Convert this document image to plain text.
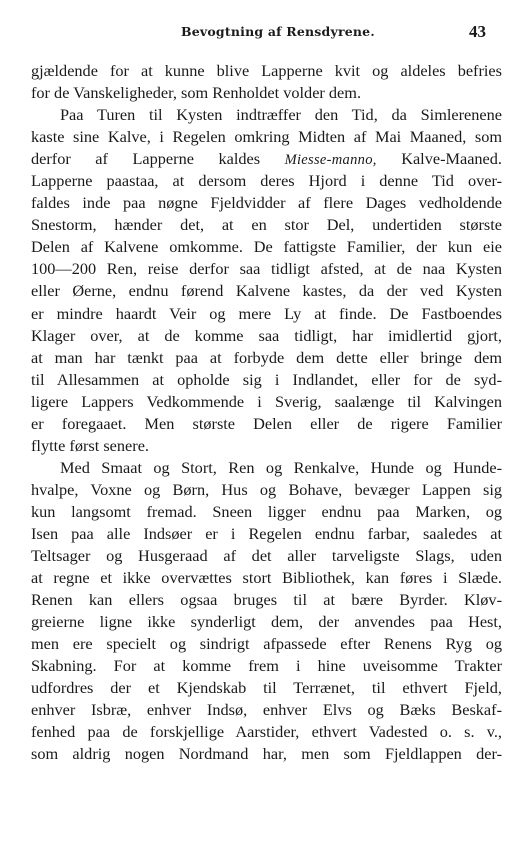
Bevogtning af Rensdyrene.	43
gjældende for at kunne blive Lapperne kvit og aldeles befries
for de Vanskeligheder, som Renholdet volder dem.
Paa Turen til Kysten indtræffer den Tid, da Simlerenene
kaste sine Kalve, i Regelen omkring Midten af Mai Maaned, som
derfor af Lapperne kaldes Miesse-manno, Kalve-Maaned.
Lapperne paastaa, at dersom deres Hjord i denne Tid over-
faldes inde paa nøgne Fjeldvidder af flere Dages vedholdende
Snestorm, hænder det, at en stor Del, undertiden største
Delen af Kalvene omkomme. De fattigste Familier, der kun eie
100—200 Ren, reise derfor saa tidligt afsted, at de naa Kysten
eller Øerne, endnu førend Kalvene kastes, da der ved Kysten
er mindre haardt Veir og mere Ly at finde. De Fastboendes
Klager over, at de komme saa tidligt, har imidlertid gjort,
at man har tænkt paa at forbyde dem dette eller bringe dem
til Allesammen at opholde sig i Indlandet, eller for de syd-
ligere Lappers Vedkommende i Sverig, saalænge til Kalvingen
er foregaaet. Men største Delen eller de rigere Familier
flytte først senere.
Med Smaat og Stort, Ren og Renkalve, Hunde og Hunde-
hvalpe, Voxne og Børn, Hus og Bohave, bevæger Lappen sig
kun langsomt fremad. Sneen ligger endnu paa Marken, og
Isen paa alle Indsøer er i Regelen endnu farbar, saaledes at
Teltsager og Husgeraad af det aller tarveligste Slags, uden
at regne et ikke overvættes stort Bibliothek, kan føres i Slæde.
Renen kan ellers ogsaa bruges til at bære Byrder. Kløv-
greierne ligne ikke synderligt dem, der anvendes paa Hest,
men ere specielt og sindrigt afpassede efter Renens Ryg og
Skabning. For at komme frem i hine uveisomme Trakter
udfordres der et Kjendskab til Terrænet, til ethvert Fjeld,
enhver Isbræ, enhver Indsø, enhver Elvs og Bæks Beskaf-
fenhed paa de forskjellige Aarstider, ethvert Vadested o. s. v.,
som aldrig nogen Nordmand har, men som Fjeldlappen der-
